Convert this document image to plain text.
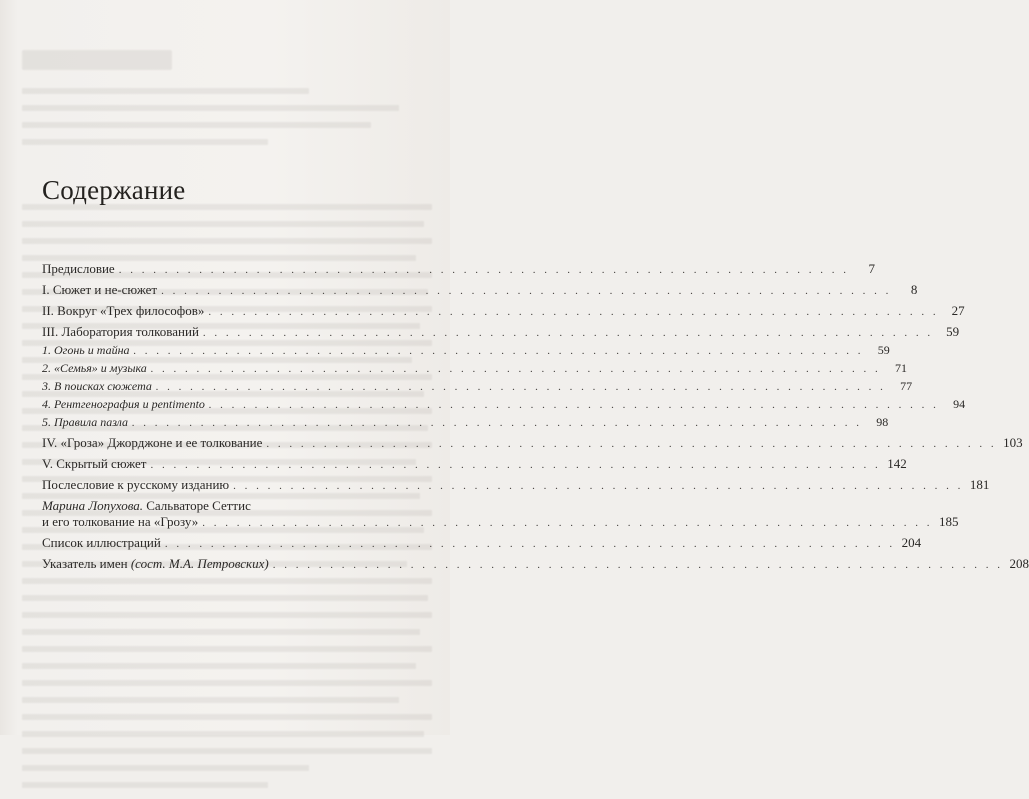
Содержание
Предисловие . . . . . . . . . . . . . . . . . . . . . . . . . . . . . . . . . . . . . . . . . . . . . . . . . . . . . . . . . . . . . . . .	7
I. Сюжет и не-сюжет . . . . . . . . . . . . . . . . . . . . . . . . . . . . . . . . . . . . . . . . . . . . . . . . . . . . . . . . . . . . . . . .	8
II. Вокруг «Трех философов» . . . . . . . . . . . . . . . . . . . . . . . . . . . . . . . . . . . . . . . . . . . . . . . . . . . . . . . . . . . . . . . .	27
III. Лаборатория толкований . . . . . . . . . . . . . . . . . . . . . . . . . . . . . . . . . . . . . . . . . . . . . . . . . . . . . . . . . . . . . . . .	59
1. Огонь и тайна . . . . . . . . . . . . . . . . . . . . . . . . . . . . . . . . . . . . . . . . . . . . . . . . . . . . . . . . . . . . . . . .	59
2. «Семья» и музыка . . . . . . . . . . . . . . . . . . . . . . . . . . . . . . . . . . . . . . . . . . . . . . . . . . . . . . . . . . . . . . . .	71
3. В поисках сюжета . . . . . . . . . . . . . . . . . . . . . . . . . . . . . . . . . . . . . . . . . . . . . . . . . . . . . . . . . . . . . . . .	77
4. Рентгенография и pentimento . . . . . . . . . . . . . . . . . . . . . . . . . . . . . . . . . . . . . . . . . . . . . . . . . . . . . . . . . . . . . . . .	94
5. Правила пазла . . . . . . . . . . . . . . . . . . . . . . . . . . . . . . . . . . . . . . . . . . . . . . . . . . . . . . . . . . . . . . . .	98
IV. «Гроза» Джорджоне и ее толкование . . . . . . . . . . . . . . . . . . . . . . . . . . . . . . . . . . . . . . . . . . . . . . . . . . . . . . . . . . . . . . . . 103
V. Скрытый сюжет . . . . . . . . . . . . . . . . . . . . . . . . . . . . . . . . . . . . . . . . . . . . . . . . . . . . . . . . . . . . . . . . 142
Послесловие к русскому изданию . . . . . . . . . . . . . . . . . . . . . . . . . . . . . . . . . . . . . . . . . . . . . . . . . . . . . . . . . . . . . . . . 181
Марина Лопухова. Сальваторе Сеттис
и его толкование на «Грозу» . . . . . . . . . . . . . . . . . . . . . . . . . . . . . . . . . . . . . . . . . . . . . . . . . . . . . . . . . . . . . . . . 185
Список иллюстраций . . . . . . . . . . . . . . . . . . . . . . . . . . . . . . . . . . . . . . . . . . . . . . . . . . . . . . . . . . . . . . . . 204
Указатель имен (сост. М.А. Петровских) . . . . . . . . . . . . . . . . . . . . . . . . . . . . . . . . . . . . . . . . . . . . . . . . . . . . . . . . . . . . . . . . 208
